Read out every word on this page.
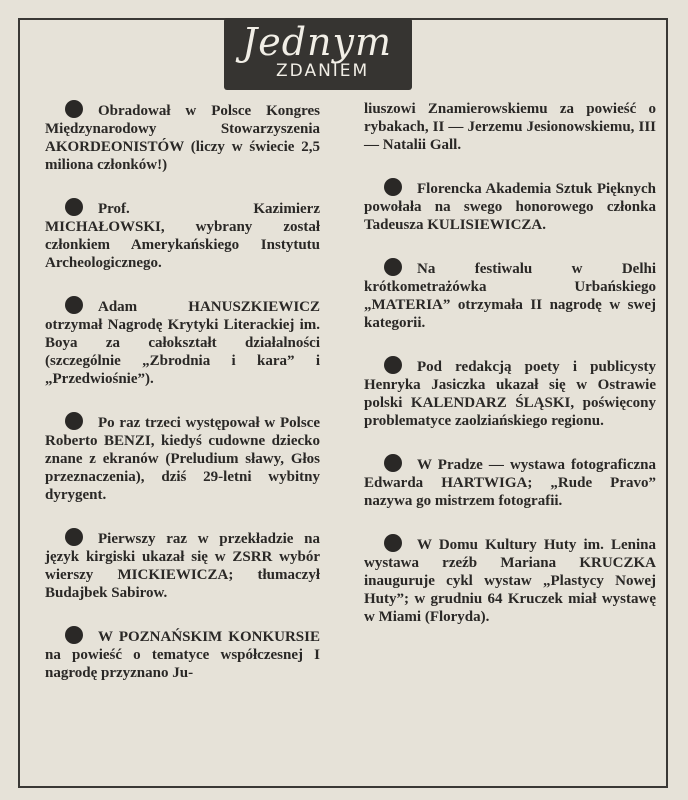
Jednym
ZDANIEM

Obradował w Polsce Kongres Międzynarodowy Stowarzyszenia AKORDEONISTÓW (liczy w świecie 2,5 miliona członków!)

Prof. Kazimierz MICHAŁOWSKI, wybrany został członkiem Amerykańskiego Instytutu Archeologicznego.

Adam HANUSZKIEWICZ otrzymał Nagrodę Krytyki Literackiej im. Boya za całokształt działalności (szczególnie „Zbrodnia i kara” i „Przedwiośnie”).

Po raz trzeci występował w Polsce Roberto BENZI, kiedyś cudowne dziecko znane z ekranów (Preludium sławy, Głos przeznaczenia), dziś 29-letni wybitny dyrygent.

Pierwszy raz w przekładzie na język kirgiski ukazał się w ZSRR wybór wierszy MICKIEWICZA; tłumaczył Budajbek Sabirow.

W POZNAŃSKIM KONKURSIE na powieść o tematyce współczesnej I nagrodę przyznano Ju-

liuszowi Znamierowskiemu za powieść o rybakach, II — Jerzemu Jesionowskiemu, III — Natalii Gall.

Florencka Akademia Sztuk Pięknych powołała na swego honorowego członka Tadeusza KULISIEWICZA.

Na festiwalu w Delhi krótkometrażówka Urbańskiego „MATERIA” otrzymała II nagrodę w swej kategorii.

Pod redakcją poety i publicysty Henryka Jasiczka ukazał się w Ostrawie polski KALENDARZ ŚLĄSKI, poświęcony problematyce zaolziańskiego regionu.

W Pradze — wystawa fotograficzna Edwarda HARTWIGA; „Rude Pravo” nazywa go mistrzem fotografii.

W Domu Kultury Huty im. Lenina wystawa rzeźb Mariana KRUCZKA inauguruje cykl wystaw „Plastycy Nowej Huty”; w grudniu 64 Kruczek miał wystawę w Miami (Floryda).
